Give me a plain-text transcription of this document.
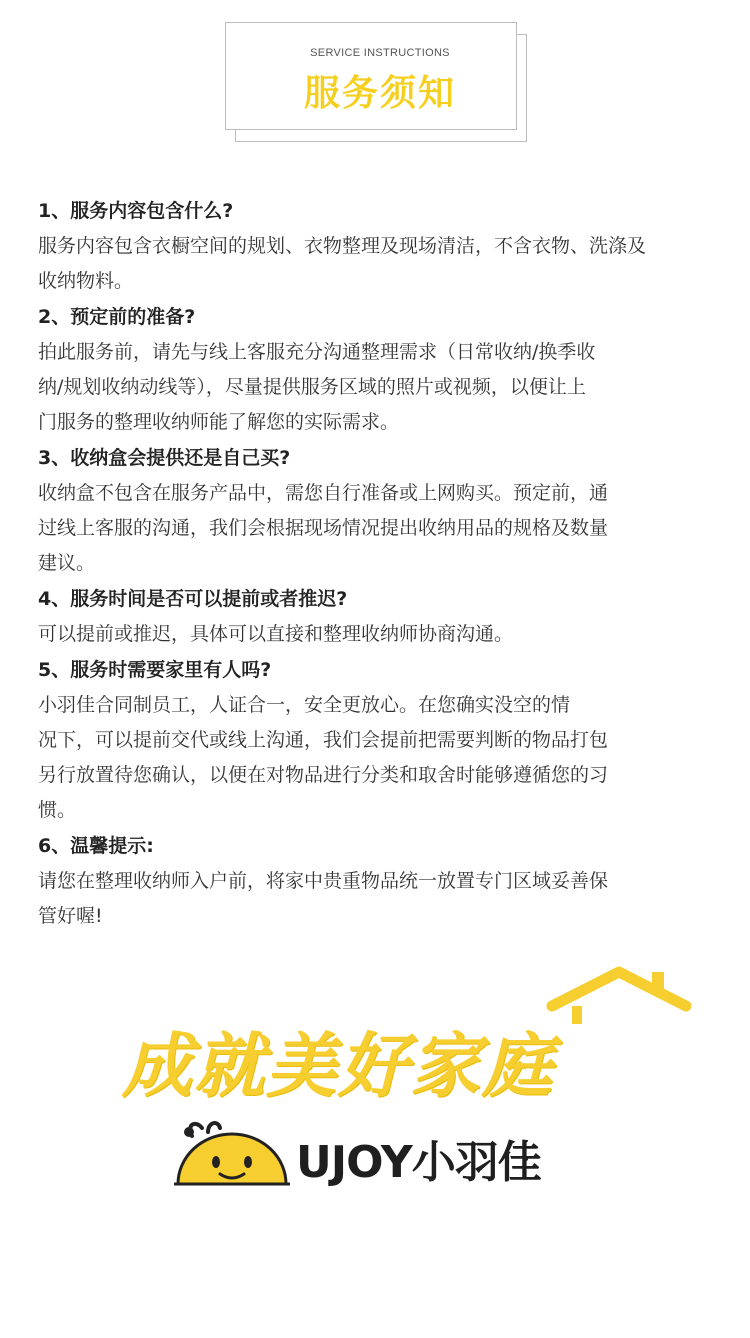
SERVICE INSTRUCTIONS
服务须知
1、服务内容包含什么?
服务内容包含衣橱空间的规划、衣物整理及现场清洁，不含衣物、洗涤及
收纳物料。
2、预定前的准备?
拍此服务前，请先与线上客服充分沟通整理需求（日常收纳/换季收
纳/规划收纳动线等），尽量提供服务区域的照片或视频，以便让上
门服务的整理收纳师能了解您的实际需求。
3、收纳盒会提供还是自己买?
收纳盒不包含在服务产品中，需您自行准备或上网购买。预定前，通
过线上客服的沟通，我们会根据现场情况提出收纳用品的规格及数量
建议。
4、服务时间是否可以提前或者推迟?
可以提前或推迟，具体可以直接和整理收纳师协商沟通。
5、服务时需要家里有人吗?
小羽佳合同制员工，人证合一，安全更放心。在您确实没空的情
况下，可以提前交代或线上沟通，我们会提前把需要判断的物品打包
另行放置待您确认，以便在对物品进行分类和取舍时能够遵循您的习
惯。
6、温馨提示:
请您在整理收纳师入户前，将家中贵重物品统一放置专门区域妥善保
管好喔!
成就美好家庭
UJOY小羽佳
